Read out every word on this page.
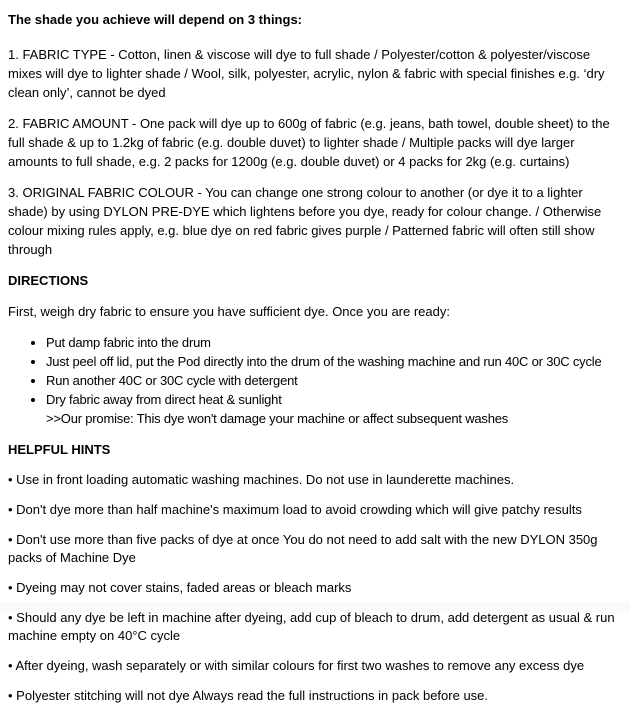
The shade you achieve will depend on 3 things:

1. FABRIC TYPE - Cotton, linen & viscose will dye to full shade / Polyester/cotton & polyester/viscose mixes will dye to lighter shade / Wool, silk, polyester, acrylic, nylon & fabric with special finishes e.g. ‘dry clean only’, cannot be dyed

2. FABRIC AMOUNT - One pack will dye up to 600g of fabric (e.g. jeans, bath towel, double sheet) to the full shade & up to 1.2kg of fabric (e.g. double duvet) to lighter shade / Multiple packs will dye larger amounts to full shade, e.g. 2 packs for 1200g (e.g. double duvet) or 4 packs for 2kg (e.g. curtains)

3. ORIGINAL FABRIC COLOUR - You can change one strong colour to another (or dye it to a lighter shade) by using DYLON PRE-DYE which lightens before you dye, ready for colour change. / Otherwise colour mixing rules apply, e.g. blue dye on red fabric gives purple / Patterned fabric will often still show through

DIRECTIONS

First, weigh dry fabric to ensure you have sufficient dye. Once you are ready:

• Put damp fabric into the drum
• Just peel off lid, put the Pod directly into the drum of the washing machine and run 40C or 30C cycle
• Run another 40C or 30C cycle with detergent
• Dry fabric away from direct heat & sunlight
>>Our promise: This dye won't damage your machine or affect subsequent washes
HELPFUL HINTS

• Use in front loading automatic washing machines. Do not use in launderette machines.

• Don't dye more than half machine's maximum load to avoid crowding which will give patchy results

• Don't use more than five packs of dye at once You do not need to add salt with the new DYLON 350g packs of Machine Dye

• Dyeing may not cover stains, faded areas or bleach marks

• Should any dye be left in machine after dyeing, add cup of bleach to drum, add detergent as usual & run machine empty on 40°C cycle

• After dyeing, wash separately or with similar colours for first two washes to remove any excess dye

• Polyester stitching will not dye Always read the full instructions in pack before use.
